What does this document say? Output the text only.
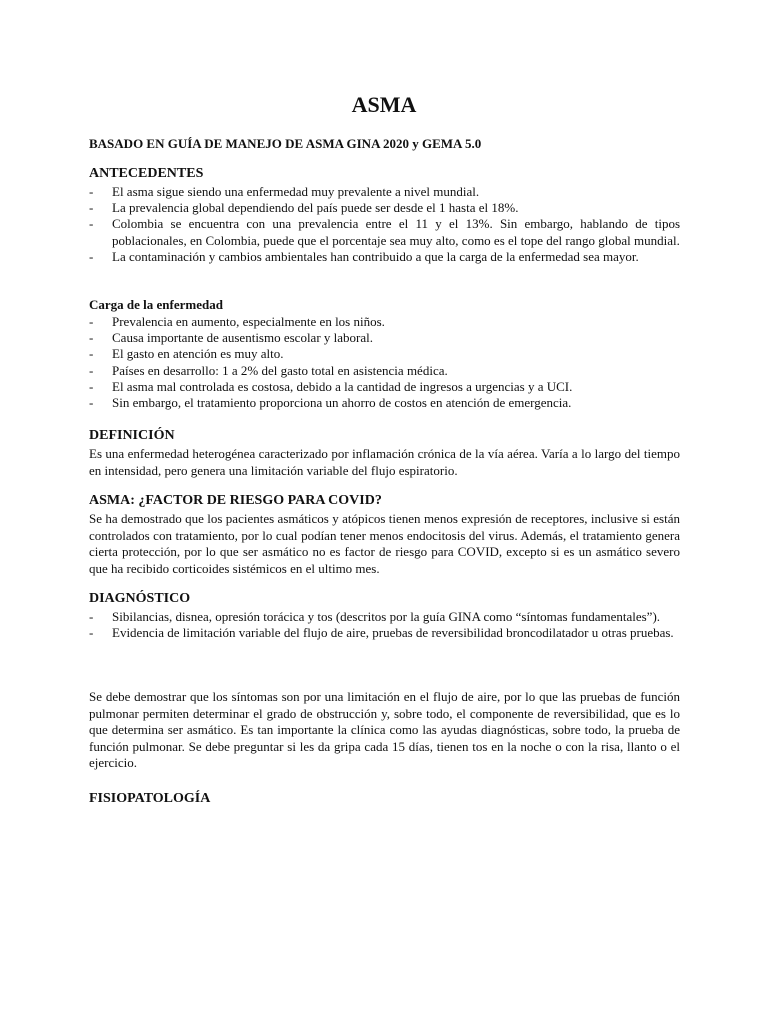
ASMA

BASADO EN GUÍA DE MANEJO DE ASMA GINA 2020 y GEMA 5.0

ANTECEDENTES

- El asma sigue siendo una enfermedad muy prevalente a nivel mundial.
- La prevalencia global dependiendo del país puede ser desde el 1 hasta el 18%.
- Colombia se encuentra con una prevalencia entre el 11 y el 13%. Sin embargo, hablando de tipos poblacionales, en Colombia, puede que el porcentaje sea muy alto, como es el tope del rango global mundial.
- La contaminación y cambios ambientales han contribuido a que la carga de la enfermedad sea mayor.

Carga de la enfermedad

- Prevalencia en aumento, especialmente en los niños.
- Causa importante de ausentismo escolar y laboral.
- El gasto en atención es muy alto.
- Países en desarrollo: 1 a 2% del gasto total en asistencia médica.
- El asma mal controlada es costosa, debido a la cantidad de ingresos a urgencias y a UCI.
- Sin embargo, el tratamiento proporciona un ahorro de costos en atención de emergencia.

DEFINICIÓN

Es una enfermedad heterogénea caracterizado por inflamación crónica de la vía aérea. Varía a lo largo del tiempo en intensidad, pero genera una limitación variable del flujo espiratorio.

ASMA: ¿FACTOR DE RIESGO PARA COVID?

Se ha demostrado que los pacientes asmáticos y atópicos tienen menos expresión de receptores, inclusive si están controlados con tratamiento, por lo cual podían tener menos endocitosis del virus. Además, el tratamiento genera cierta protección, por lo que ser asmático no es factor de riesgo para COVID, excepto si es un asmático severo que ha recibido corticoides sistémicos en el ultimo mes.

DIAGNÓSTICO

- Sibilancias, disnea, opresión torácica y tos (descritos por la guía GINA como “síntomas fundamentales”).
- Evidencia de limitación variable del flujo de aire, pruebas de reversibilidad broncodilatador u otras pruebas.

Se debe demostrar que los síntomas son por una limitación en el flujo de aire, por lo que las pruebas de función pulmonar permiten determinar el grado de obstrucción y, sobre todo, el componente de reversibilidad, que es lo que determina ser asmático. Es tan importante la clínica como las ayudas diagnósticas, sobre todo, la prueba de función pulmonar. Se debe preguntar si les da gripa cada 15 días, tienen tos en la noche o con la risa, llanto o el ejercicio.

FISIOPATOLOGÍA
